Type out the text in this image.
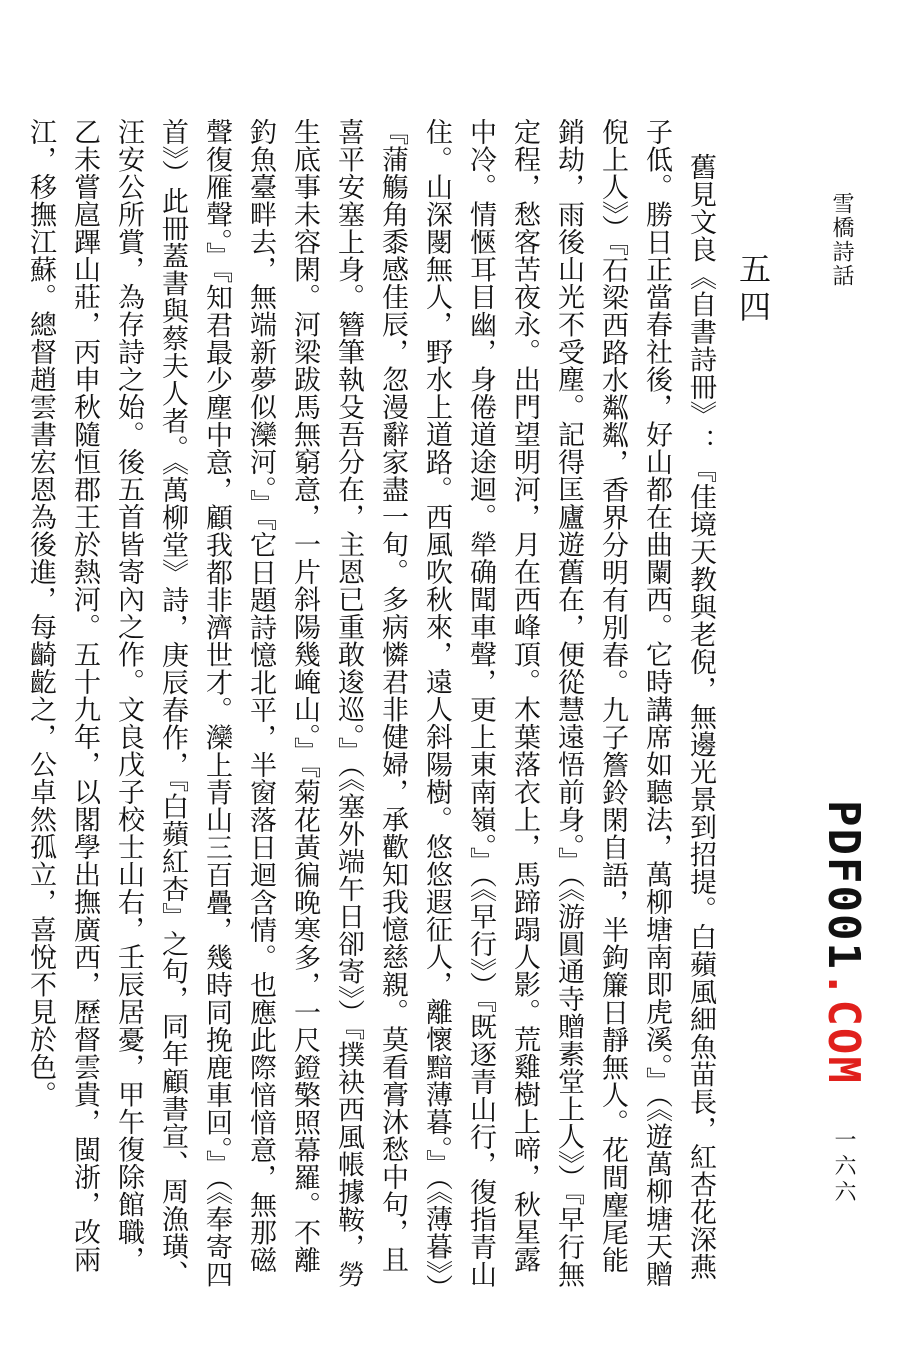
雪橋詩話
五四
PDF001.COM
一六六

舊見文良《自書詩冊》：『佳境天教與老倪，無邊光景到招提。白蘋風細魚苗長，紅杏花深燕子低。勝日正當春社後，好山都在曲闌西。它時講席如聽法，萬柳塘南即虎溪。』（《遊萬柳塘天贈倪上人》）『石梁西路水粼粼，香界分明有別春。九子簷鈴閑自語，半鉤簾日靜無人。花間麈尾能銷劫，雨後山光不受塵。記得匡廬遊舊在，便從慧遠悟前身。』（《游圓通寺贈素堂上人》）『早行無定程，愁客苦夜永。出門望明河，月在西峰頂。木葉落衣上，馬蹄蹋人影。荒雞樹上啼，秋星露中冷。情愜耳目幽，身倦道途迴。犖确聞車聲，更上東南嶺。』（《早行》）『既逐青山行，復指青山住。山深閿無人，野水上道路。西風吹秋來，遠人斜陽樹。悠悠遐征人，離懷黯薄暮。』（《薄暮》）『蒲觴角黍感佳辰，忽漫辭家盡一旬。多病憐君非健婦，承歡知我憶慈親。莫看膏沐愁中句，且喜平安塞上身。簪筆執殳吾分在，主恩已重敢逡巡。』（《塞外端午日卻寄》）『撲袂西風帳據鞍，勞生底事未容閑。河梁跋馬無窮意，一片斜陽幾崦山。』『菊花黃徧晚寒多，一尺鐙檠照幕羅。不離釣魚臺畔去，無端新夢似灤河。』『它日題詩憶北平，半窗落日迴含情。也應此際愔愔意，無那磁聲復雁聲。』『知君最少塵中意，顧我都非濟世才。灤上青山三百疊，幾時同挽鹿車回。』（《奉寄四首》）此冊蓋書與蔡夫人者。《萬柳堂》詩，庚辰春作，『白蘋紅杏』之句，同年顧書宣、周漁璜、汪安公所賞，為存詩之始。後五首皆寄內之作。文良戊子校士山右，壬辰居憂，甲午復除館職，乙未嘗扈蹕山莊，丙申秋隨恒郡王於熱河。五十九年，以閣學出撫廣西，歷督雲貴，閩浙，改兩江，移撫江蘇。總督趙雲書宏恩為後進，每齮齕之，公卓然孤立，喜悅不見於色。
